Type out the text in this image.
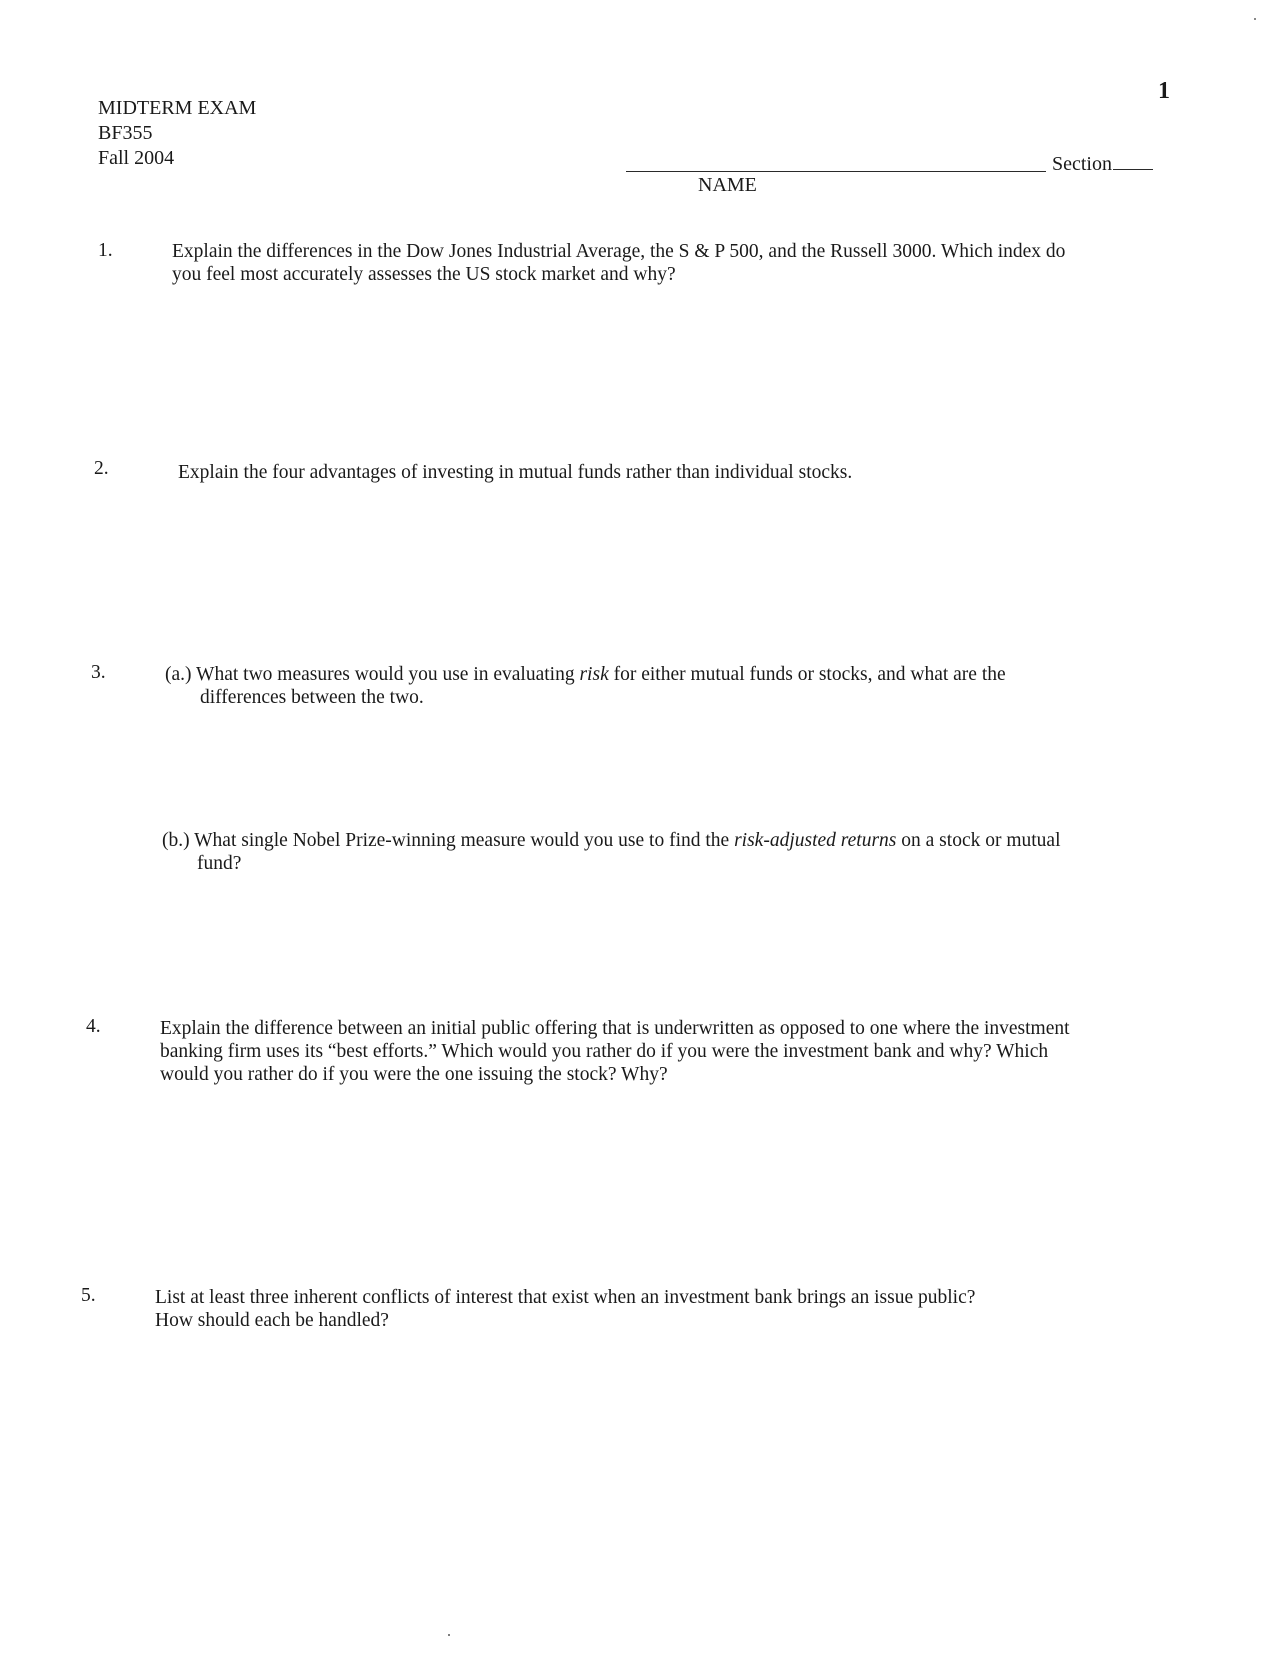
1
MIDTERM EXAM
BF355
Fall 2004
NAME
Section
1.	Explain the differences in the Dow Jones Industrial Average, the S & P 500, and the Russell 3000. Which index do
you feel most accurately assesses the US stock market and why?
2.	Explain the four advantages of investing in mutual funds rather than individual stocks.
3.	(a.) What two measures would you use in evaluating risk for either mutual funds or stocks, and what are the
differences between the two.
(b.) What single Nobel Prize-winning measure would you use to find the risk-adjusted returns on a stock or mutual
fund?
4.	Explain the difference between an initial public offering that is underwritten as opposed to one where the investment
banking firm uses its “best efforts.” Which would you rather do if you were the investment bank and why? Which
would you rather do if you were the one issuing the stock? Why?
5.	List at least three inherent conflicts of interest that exist when an investment bank brings an issue public?
How should each be handled?
